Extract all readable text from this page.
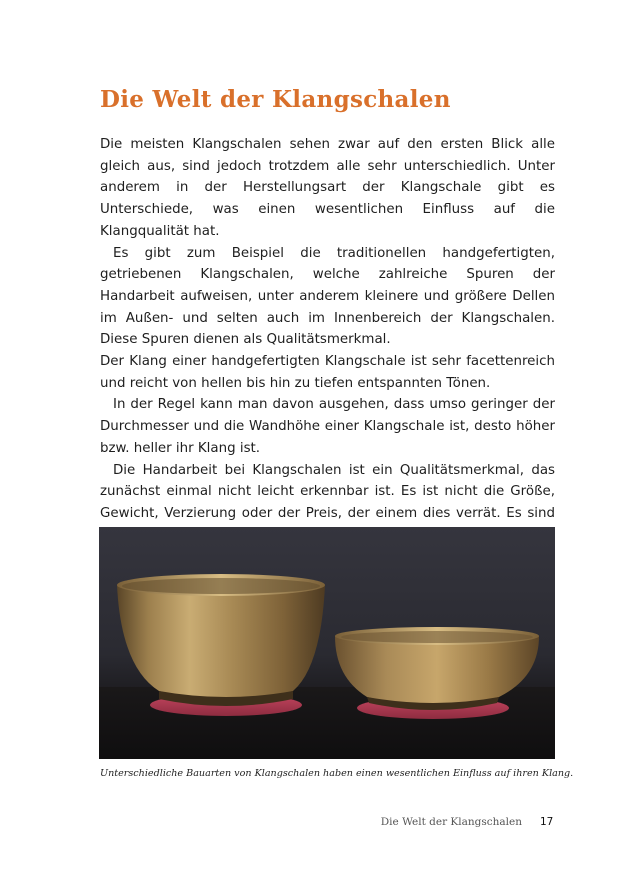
Die Welt der Klangschalen

Die meisten Klangschalen sehen zwar auf den ersten Blick alle gleich aus, sind jedoch trotzdem alle sehr unterschiedlich. Unter anderem in der Herstellungsart der Klangschale gibt es Unterschiede, was einen wesentlichen Einfluss auf die Klangqualität hat.

Es gibt zum Beispiel die traditionellen handgefertigten, getriebenen Klangschalen, welche zahlreiche Spuren der Handarbeit aufweisen, unter anderem kleinere und größere Dellen im Außen- und selten auch im Innenbereich der Klangschalen. Diese Spuren dienen als Qualitätsmerkmal.

Der Klang einer handgefertigten Klangschale ist sehr facettenreich und reicht von hellen bis hin zu tiefen entspannten Tönen.

In der Regel kann man davon ausgehen, dass umso geringer der Durchmesser und die Wandhöhe einer Klangschale ist, desto höher bzw. heller ihr Klang ist.

Die Handarbeit bei Klangschalen ist ein Qualitätsmerkmal, das zunächst einmal nicht leicht erkennbar ist. Es ist nicht die Größe, Gewicht, Verzierung oder der Preis, der einem dies verrät. Es sind

Unterschiedliche Bauarten von Klangschalen haben einen wesentlichen Einfluss auf ihren Klang.

Die Welt der Klangschalen 17
